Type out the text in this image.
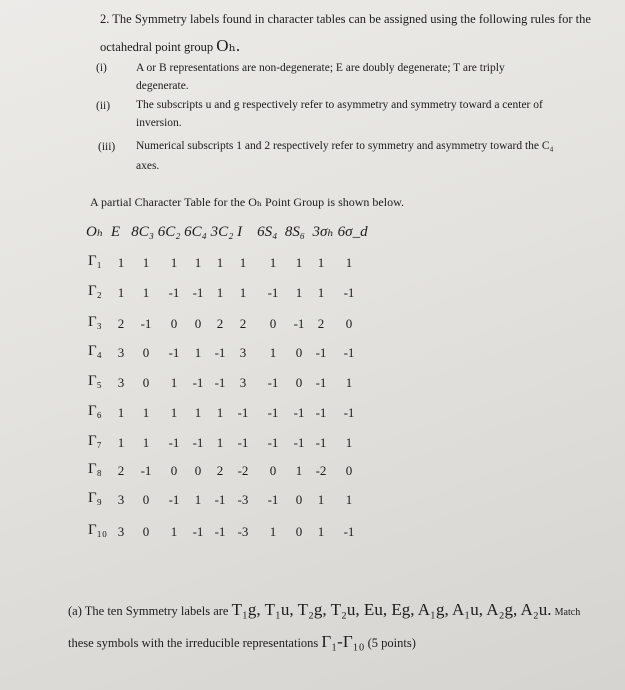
2. The Symmetry labels found in character tables can be assigned using the following rules for the
octahedral point group Oₕ.
(i)	A or B representations are non-degenerate; E are doubly degenerate; T are triply
degenerate.
(ii) The subscripts u and g respectively refer to asymmetry and symmetry toward a center of
inversion.
(iii) Numerical subscripts 1 and 2 respectively refer to symmetry and asymmetry toward the C₄
axes.
A partial Character Table for the Oₕ Point Group is shown below.
Oₕ  E   8C₃ 6C₂ 6C₄ 3C₂ I    6S₄  8S₆  3σₕ 6σ_d
Γ₁	1	1	1	1	1	1	1	1	1	1
Γ₂	1	1	-1 -1	1	1	-1	1	1	-1
Γ₃	2	-1	0	0	2	2	0	-1	2	0
Γ₄	3	0	-1	1	-1	3	1	0	-1 -1
Γ₅	3	0	1	-1 -1	3	-1	0	-1	1
Γ₆	1	1	1	1	1	-1 -1 -1 -1 -1
Γ₇	1	1	-1 -1	1	-1 -1 -1 -1	1
Γ₈	2	-1	0	0	2	-2	0	1	-2	0
Γ₉	3	0	-1	1	-1 -3 -1	0	1	1
Γ₁₀ 3	0	1	-1 -1 -3	1	0	1	-1
(a) The ten Symmetry labels are T₁g, T₁u, T₂g, T₂u, Eu, Eg, A₁g, A₁u, A₂g, A₂u. Match
these symbols with the irreducible representations Γ₁-Γ₁₀ (5 points)
